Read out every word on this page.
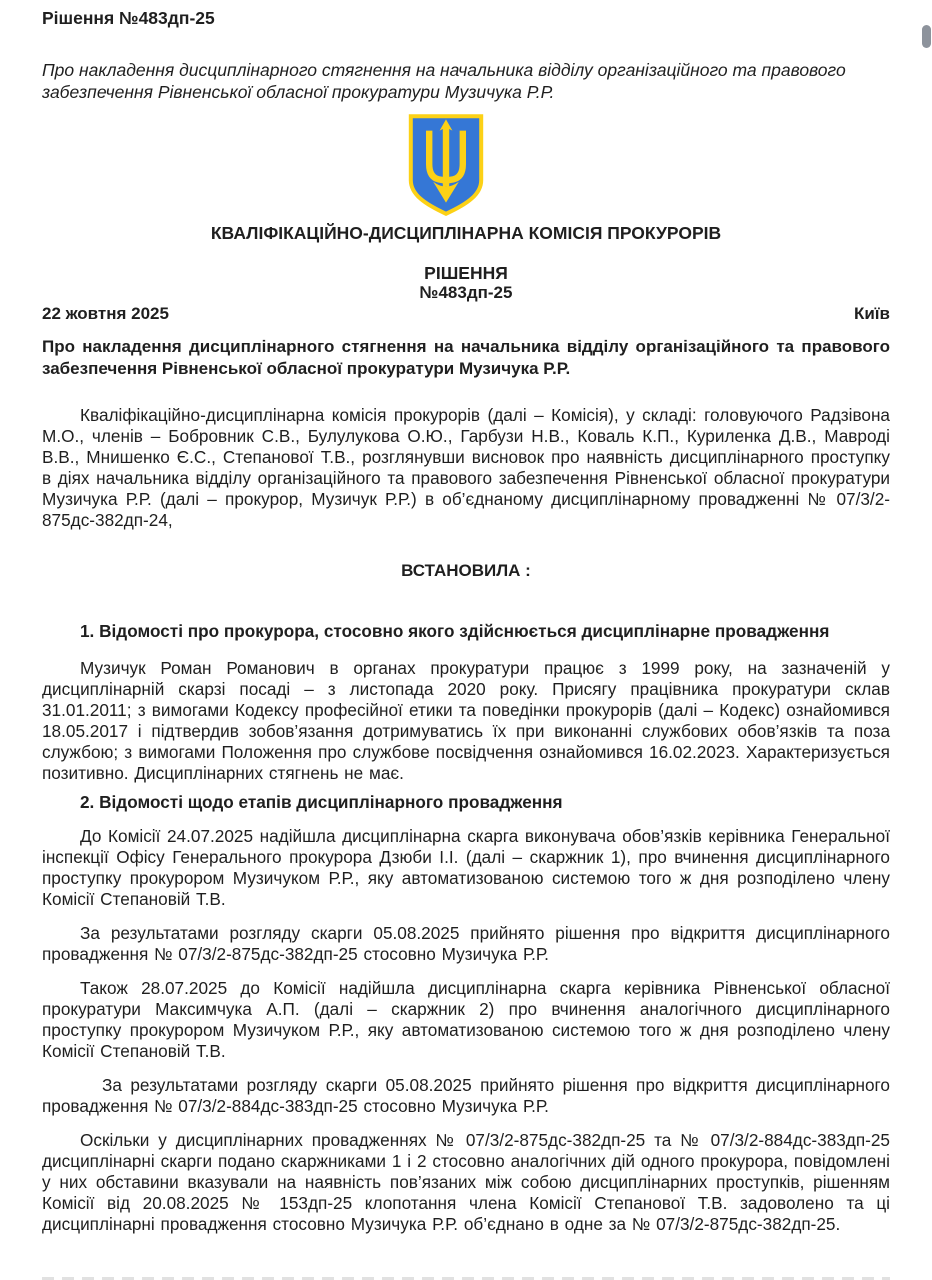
Рішення №483дп-25
Про накладення дисциплінарного стягнення на начальника відділу організаційного та правового забезпечення Рівненської обласної прокуратури Музичука Р.Р.
КВАЛІФІКАЦІЙНО-ДИСЦИПЛІНАРНА КОМІСІЯ ПРОКУРОРІВ
РІШЕННЯ
№483дп-25
22 жовтня 2025	Київ
Про накладення дисциплінарного стягнення на начальника відділу організаційного та правового забезпечення Рівненської обласної прокуратури Музичука Р.Р.

Кваліфікаційно-дисциплінарна комісія прокурорів (далі – Комісія), у складі: головуючого Радзівона М.О., членів – Бобровник С.В., Булулукова О.Ю., Гарбузи Н.В., Коваль К.П., Куриленка Д.В., Мавроді В.В., Мнишенко Є.С., Степанової Т.В., розглянувши висновок про наявність дисциплінарного проступку в діях начальника відділу організаційного та правового забезпечення Рівненської обласної прокуратури Музичука Р.Р. (далі – прокурор, Музичук Р.Р.) в об’єднаному дисциплінарному провадженні № 07/3/2-875дс-382дп-24,

ВСТАНОВИЛА :
1. Відомості про прокурора, стосовно якого здійснюється дисциплінарне провадження

Музичук Роман Романович в органах прокуратури працює з 1999 року, на зазначеній у дисциплінарній скарзі посаді – з листопада 2020 року. Присягу працівника прокуратури склав 31.01.2011; з вимогами Кодексу професійної етики та поведінки прокурорів (далі – Кодекс) ознайомився 18.05.2017 і підтвердив зобов’язання дотримуватись їх при виконанні службових обов’язків та поза службою; з вимогами Положення про службове посвідчення ознайомився 16.02.2023. Характеризується позитивно. Дисциплінарних стягнень не має.

2. Відомості щодо етапів дисциплінарного провадження

До Комісії 24.07.2025 надійшла дисциплінарна скарга виконувача обов’язків керівника Генеральної інспекції Офісу Генерального прокурора Дзюби І.І. (далі – скаржник 1), про вчинення дисциплінарного проступку прокурором Музичуком Р.Р., яку автоматизованою системою того ж дня розподілено члену Комісії Степановій Т.В.

За результатами розгляду скарги 05.08.2025 прийнято рішення про відкриття дисциплінарного провадження № 07/3/2-875дс-382дп-25 стосовно Музичука Р.Р.

Також 28.07.2025 до Комісії надійшла дисциплінарна скарга керівника Рівненської обласної прокуратури Максимчука А.П. (далі – скаржник 2) про вчинення аналогічного дисциплінарного проступку прокурором Музичуком Р.Р., яку автоматизованою системою того ж дня розподілено члену Комісії Степановій Т.В.

За результатами розгляду скарги 05.08.2025 прийнято рішення про відкриття дисциплінарного провадження № 07/3/2-884дс-383дп-25 стосовно Музичука Р.Р.

Оскільки у дисциплінарних провадженнях № 07/3/2-875дс-382дп-25 та № 07/3/2-884дс-383дп-25 дисциплінарні скарги подано скаржниками 1 і 2 стосовно аналогічних дій одного прокурора, повідомлені у них обставини вказували на наявність пов’язаних між собою дисциплінарних проступків, рішенням Комісії від 20.08.2025 № 153дп-25 клопотання члена Комісії Степанової Т.В. задоволено та ці дисциплінарні провадження стосовно Музичука Р.Р. об’єднано в одне за № 07/3/2-875дс-382дп-25.
